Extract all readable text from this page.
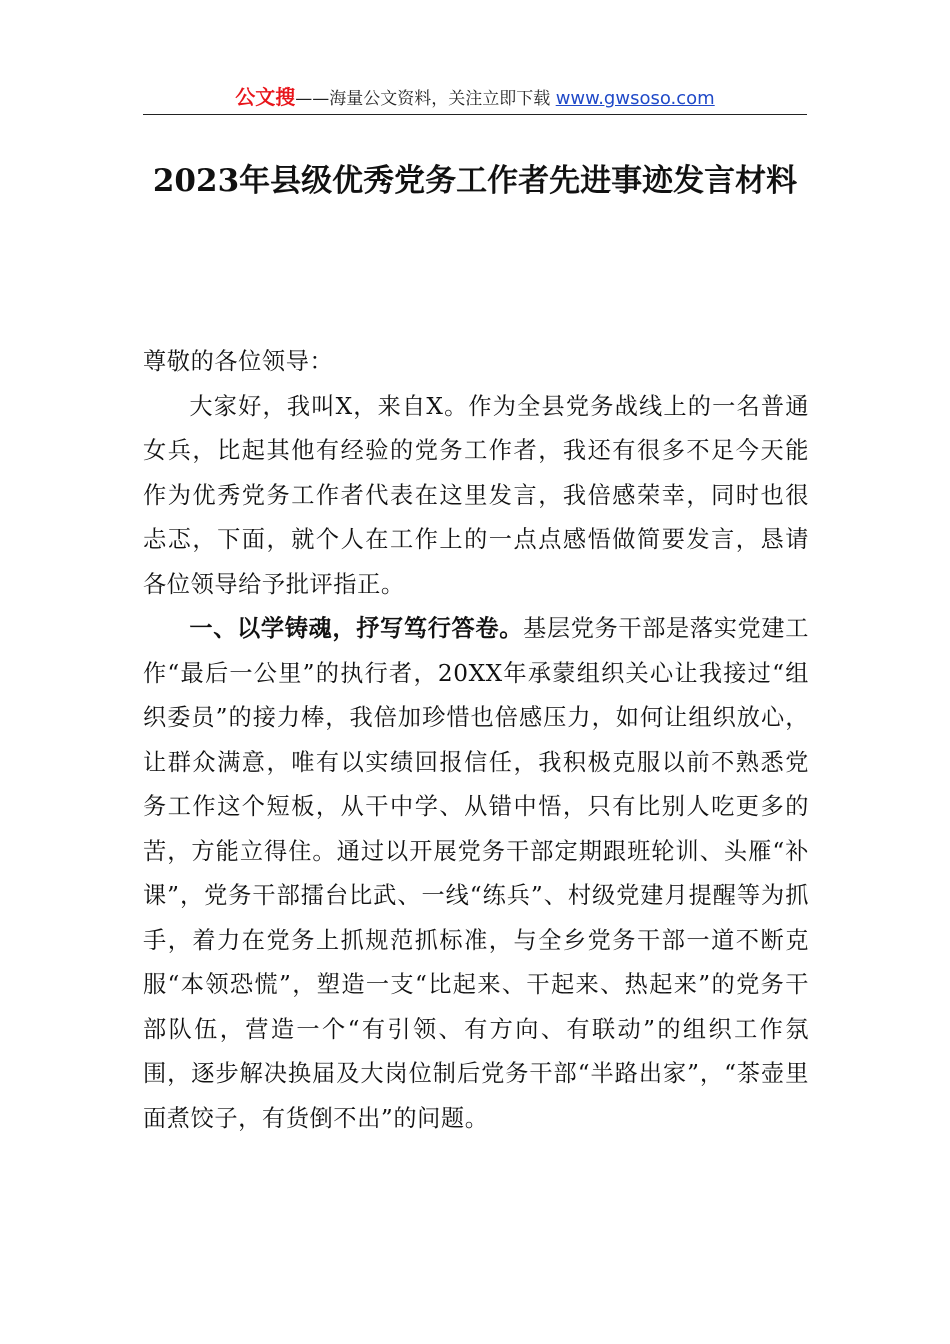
公文搜——海量公文资料，关注立即下载 www.gwsoso.com
2023年县级优秀党务工作者先进事迹发言材料

尊敬的各位领导：

大家好，我叫X，来自X。作为全县党务战线上的一名普通女兵，比起其他有经验的党务工作者，我还有很多不足今天能作为优秀党务工作者代表在这里发言，我倍感荣幸，同时也很忐忑，下面，就个人在工作上的一点点感悟做简要发言，恳请各位领导给予批评指正。

一、以学铸魂，抒写笃行答卷。基层党务干部是落实党建工作“最后一公里”的执行者，20XX年承蒙组织关心让我接过“组织委员”的接力棒，我倍加珍惜也倍感压力，如何让组织放心，让群众满意，唯有以实绩回报信任，我积极克服以前不熟悉党务工作这个短板，从干中学、从错中悟，只有比别人吃更多的苦，方能立得住。通过以开展党务干部定期跟班轮训、头雁“补课”，党务干部擂台比武、一线“练兵”、村级党建月提醒等为抓手，着力在党务上抓规范抓标准，与全乡党务干部一道不断克服“本领恐慌”，塑造一支“比起来、干起来、热起来”的党务干部队伍，营造一个“有引领、有方向、有联动”的组织工作氛围，逐步解决换届及大岗位制后党务干部“半路出家”，“茶壶里面煮饺子，有货倒不出”的问题。
